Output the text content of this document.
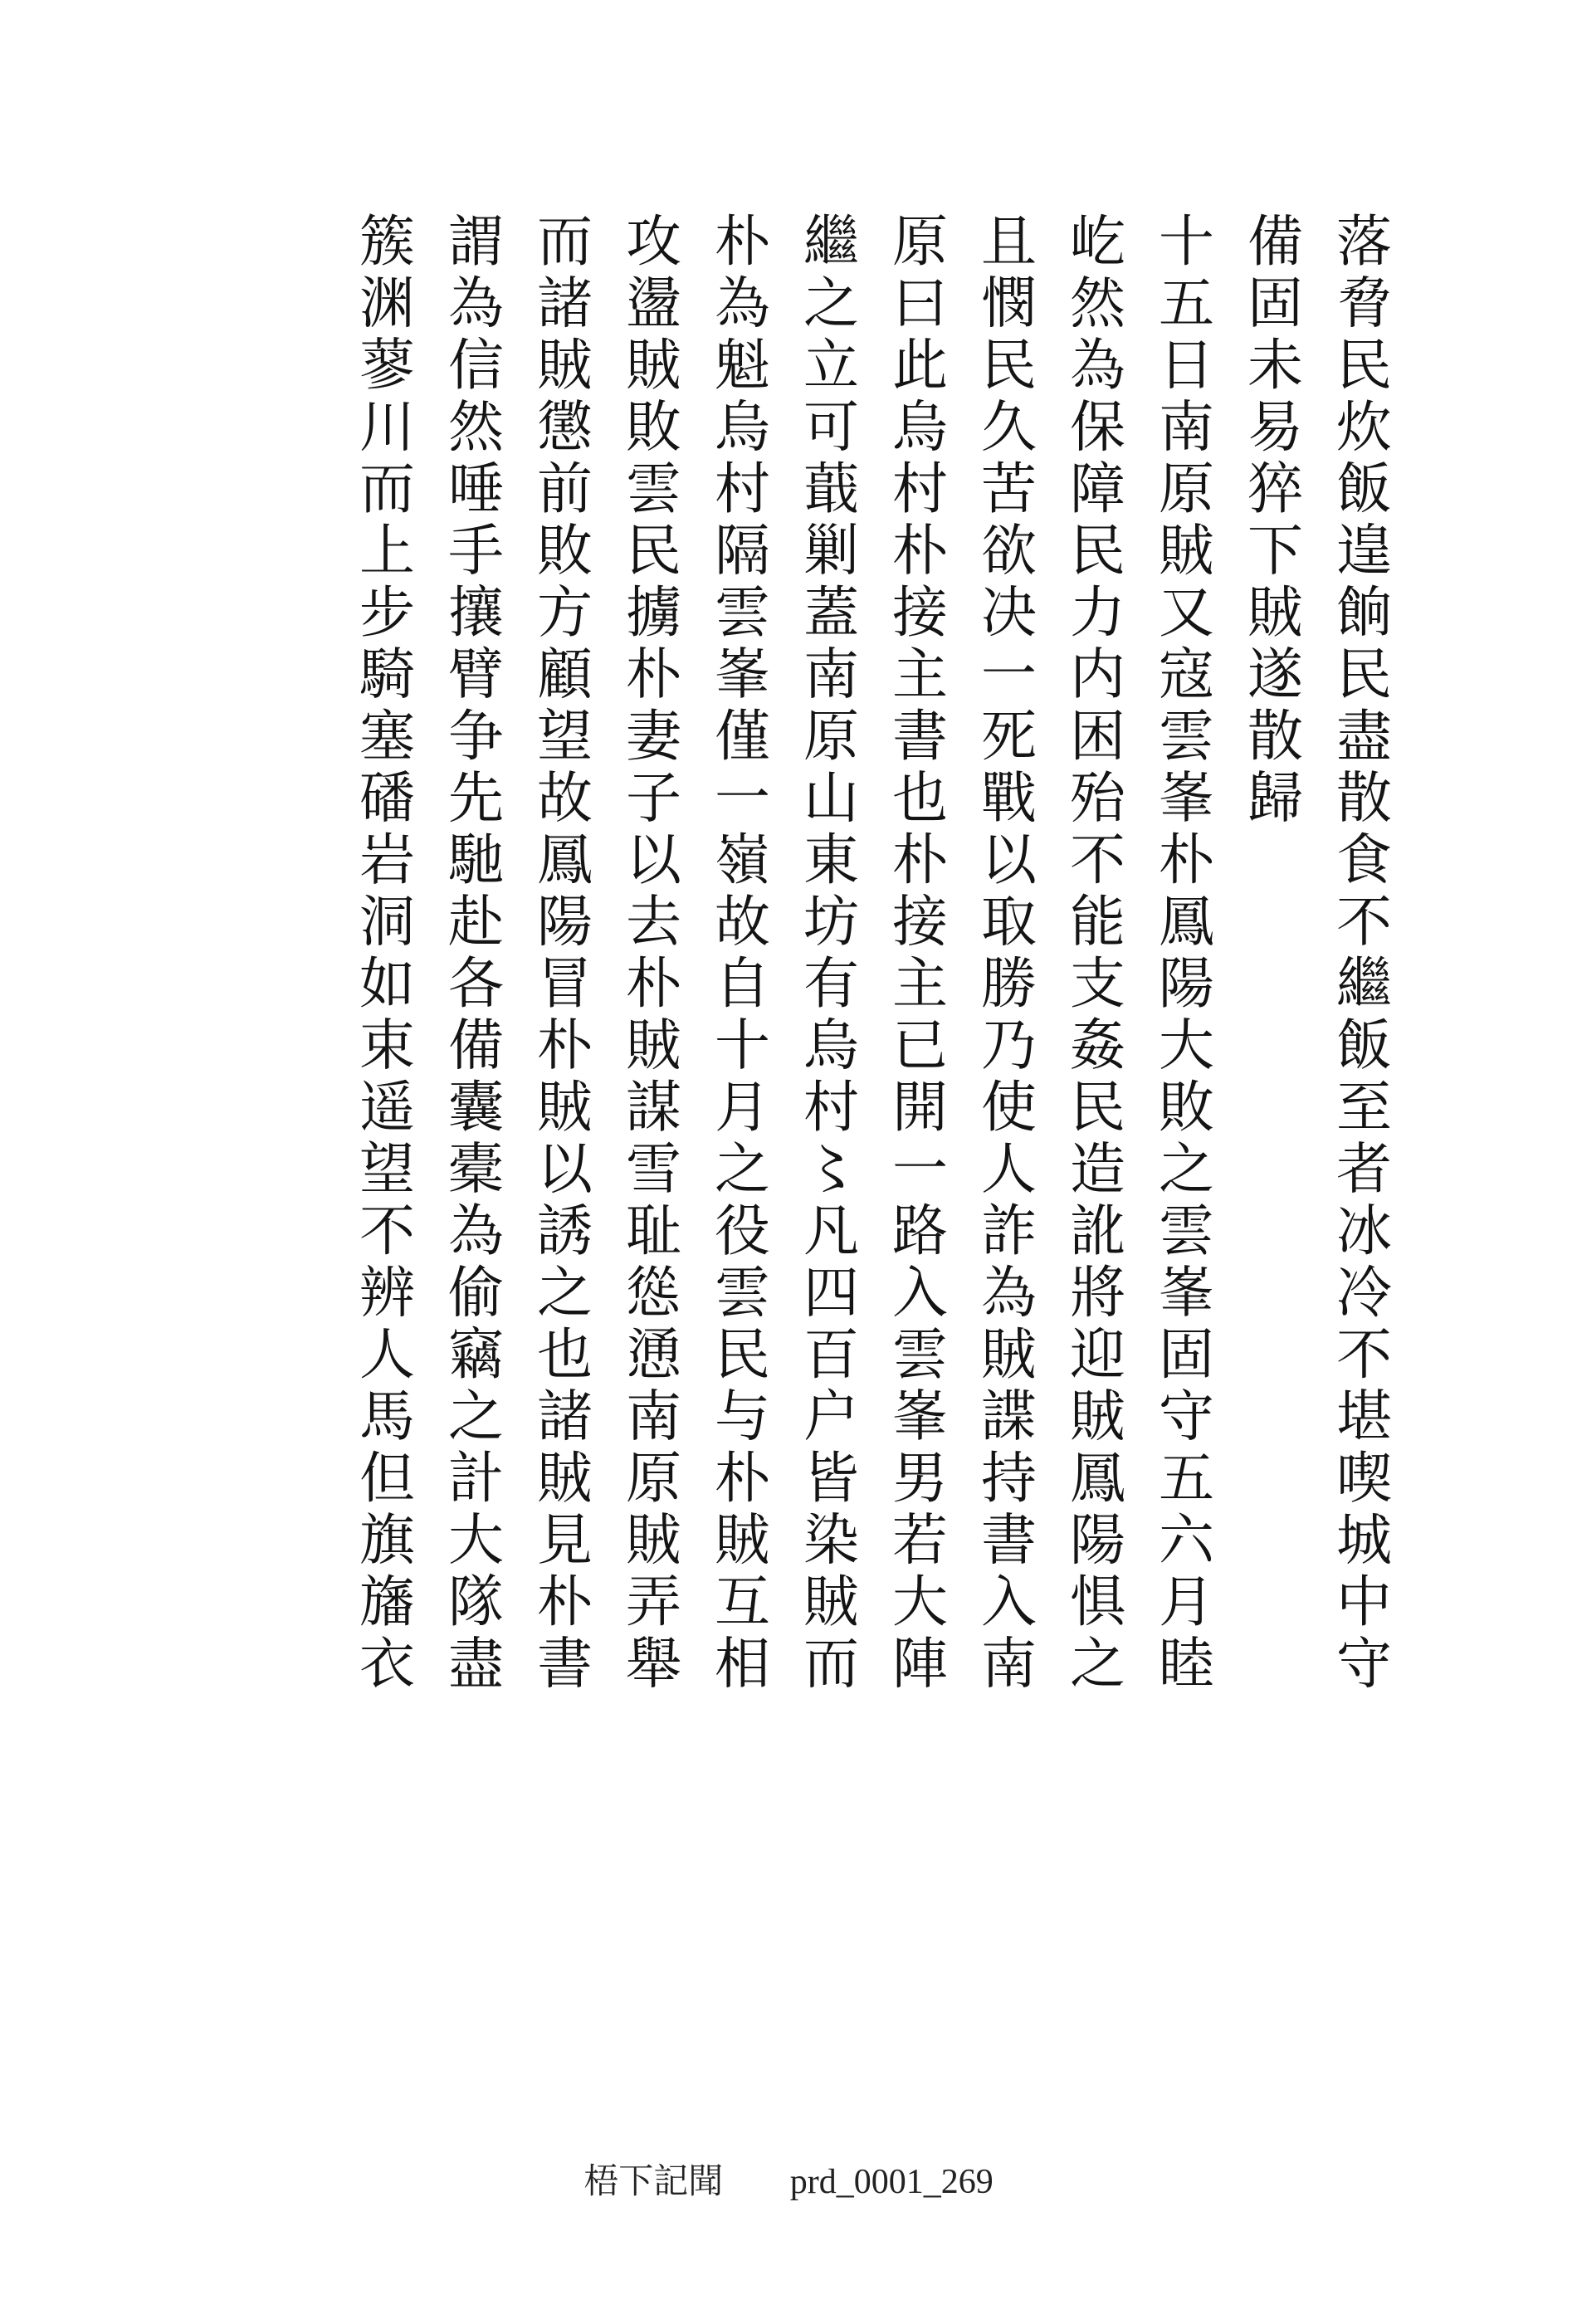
落脅民炊飯遑餉民盡散食不繼飯至者冰冷不堪喫城中守
備固未易猝下賊遂散歸
十五日南原賊又寇雲峯朴鳳陽大敗之雲峯固守五六月睦
屹然為保障民力内困殆不能支姦民造訛將迎賊鳳陽惧之
且憫民久苦欲决一死戰以取勝乃使人詐為賊諜持書入南
原曰此烏村朴接主書也朴接主已開一路入雲峯男若大陣
繼之立可蕺剿蓋南原山東坊有烏村〻凡四百户皆染賊而
朴為魁烏村隔雲峯僅一嶺故自十月之役雲民与朴賊互相
攻盪賊敗雲民擄朴妻子以去朴賊謀雪耻慫慂南原賊弄舉
而諸賊懲前敗方顧望故鳳陽冒朴賊以誘之也諸賊見朴書
謂為信然唾手攘臂争先馳赴各備囊橐為偷竊之計大隊盡
簇渊蓼川而上步騎塞磻岩洞如束遥望不辨人馬但旗旛衣
梧下記聞 prd_0001_269
